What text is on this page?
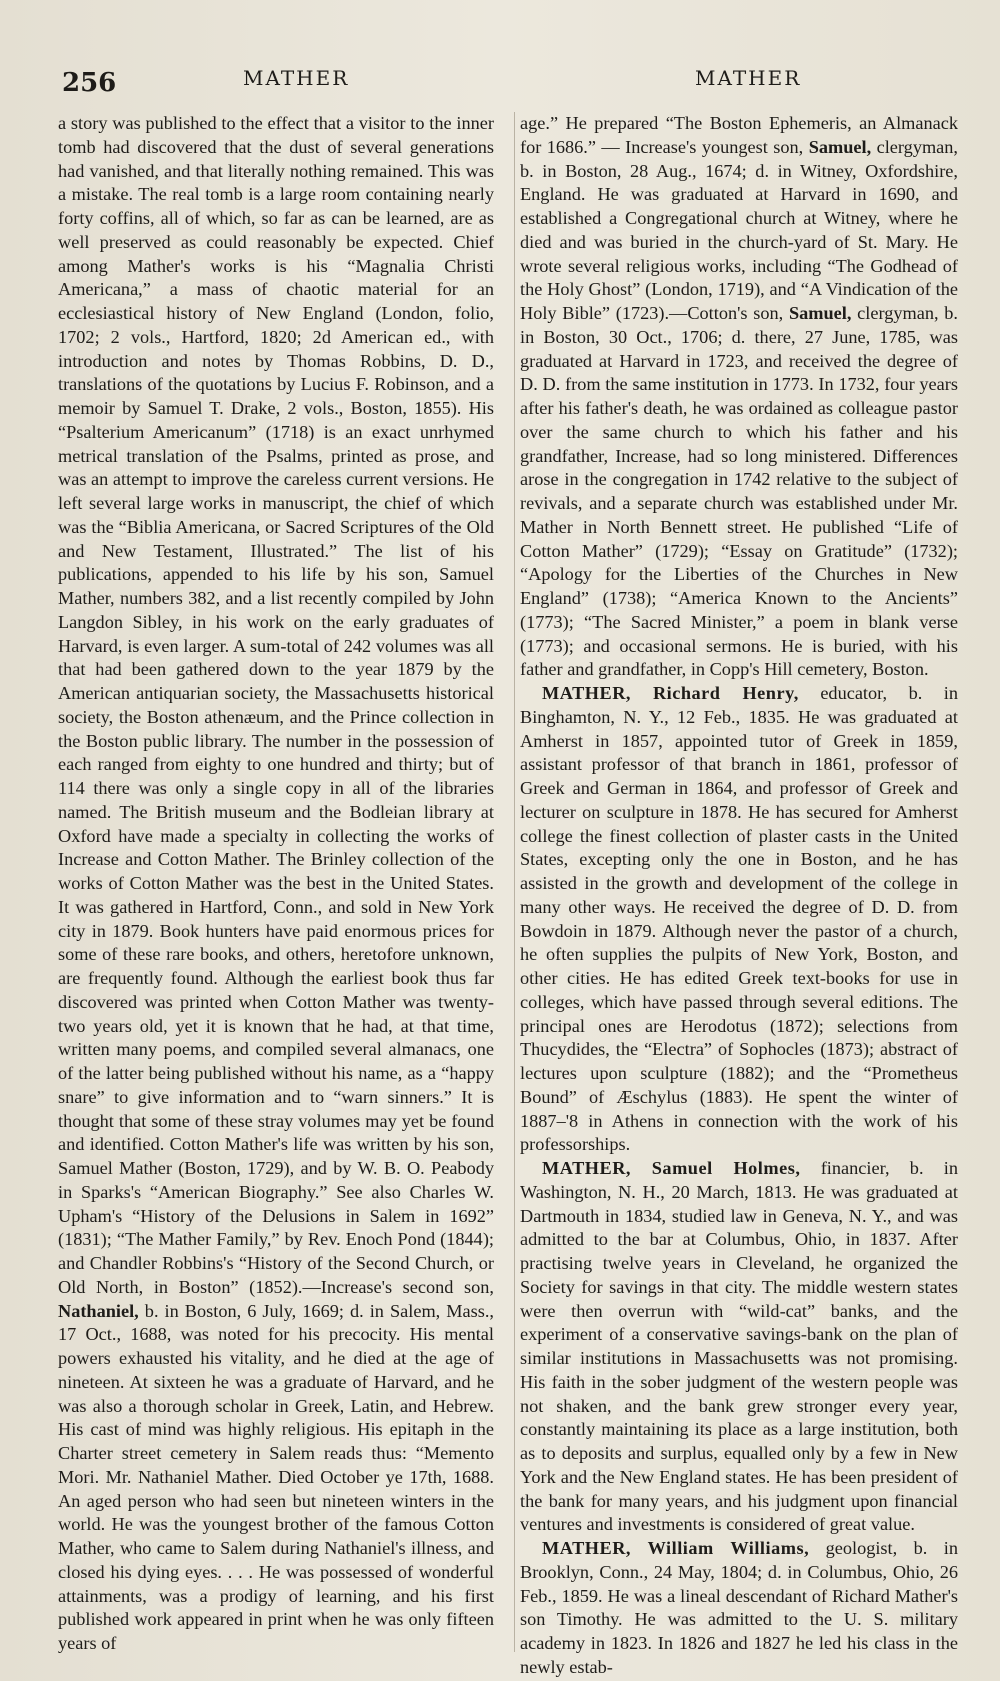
256	MATHER	MATHER

a story was published to the effect that a visitor to the inner tomb had discovered that the dust of several generations had vanished, and that literally nothing remained. This was a mistake. The real tomb is a large room containing nearly forty coffins, all of which, so far as can be learned, are as well preserved as could reasonably be expected. Chief among Mather's works is his “Magnalia Christi Americana,” a mass of chaotic material for an ecclesiastical history of New England (London, folio, 1702; 2 vols., Hartford, 1820; 2d American ed., with introduction and notes by Thomas Robbins, D. D., translations of the quotations by Lucius F. Robinson, and a memoir by Samuel T. Drake, 2 vols., Boston, 1855). His “Psalterium Americanum” (1718) is an exact unrhymed metrical translation of the Psalms, printed as prose, and was an attempt to improve the careless current versions. He left several large works in manuscript, the chief of which was the “Biblia Americana, or Sacred Scriptures of the Old and New Testament, Illustrated.” The list of his publications, appended to his life by his son, Samuel Mather, numbers 382, and a list recently compiled by John Langdon Sibley, in his work on the early graduates of Harvard, is even larger. A sum-total of 242 volumes was all that had been gathered down to the year 1879 by the American antiquarian society, the Massachusetts historical society, the Boston athenæum, and the Prince collection in the Boston public library. The number in the possession of each ranged from eighty to one hundred and thirty; but of 114 there was only a single copy in all of the libraries named. The British museum and the Bodleian library at Oxford have made a specialty in collecting the works of Increase and Cotton Mather. The Brinley collection of the works of Cotton Mather was the best in the United States. It was gathered in Hartford, Conn., and sold in New York city in 1879. Book hunters have paid enormous prices for some of these rare books, and others, heretofore unknown, are frequently found. Although the earliest book thus far discovered was printed when Cotton Mather was twenty-two years old, yet it is known that he had, at that time, written many poems, and compiled several almanacs, one of the latter being published without his name, as a “happy snare” to give information and to “warn sinners.” It is thought that some of these stray volumes may yet be found and identified. Cotton Mather's life was written by his son, Samuel Mather (Boston, 1729), and by W. B. O. Peabody in Sparks's “American Biography.” See also Charles W. Upham's “History of the Delusions in Salem in 1692” (1831); “The Mather Family,” by Rev. Enoch Pond (1844); and Chandler Robbins's “History of the Second Church, or Old North, in Boston” (1852).—Increase's second son, Nathaniel, b. in Boston, 6 July, 1669; d. in Salem, Mass., 17 Oct., 1688, was noted for his precocity. His mental powers exhausted his vitality, and he died at the age of nineteen. At sixteen he was a graduate of Harvard, and he was also a thorough scholar in Greek, Latin, and Hebrew. His cast of mind was highly religious. His epitaph in the Charter street cemetery in Salem reads thus: “Memento Mori. Mr. Nathaniel Mather. Died October ye 17th, 1688. An aged person who had seen but nineteen winters in the world. He was the youngest brother of the famous Cotton Mather, who came to Salem during Nathaniel's illness, and closed his dying eyes. . . . He was possessed of wonderful attainments, was a prodigy of learning, and his first published work appeared in print when he was only fifteen years of

age.” He prepared “The Boston Ephemeris, an Almanack for 1686.” — Increase's youngest son, Samuel, clergyman, b. in Boston, 28 Aug., 1674; d. in Witney, Oxfordshire, England. He was graduated at Harvard in 1690, and established a Congregational church at Witney, where he died and was buried in the church-yard of St. Mary. He wrote several religious works, including “The Godhead of the Holy Ghost” (London, 1719), and “A Vindication of the Holy Bible” (1723).—Cotton's son, Samuel, clergyman, b. in Boston, 30 Oct., 1706; d. there, 27 June, 1785, was graduated at Harvard in 1723, and received the degree of D. D. from the same institution in 1773. In 1732, four years after his father's death, he was ordained as colleague pastor over the same church to which his father and his grandfather, Increase, had so long ministered. Differences arose in the congregation in 1742 relative to the subject of revivals, and a separate church was established under Mr. Mather in North Bennett street. He published “Life of Cotton Mather” (1729); “Essay on Gratitude” (1732); “Apology for the Liberties of the Churches in New England” (1738); “America Known to the Ancients” (1773); “The Sacred Minister,” a poem in blank verse (1773); and occasional sermons. He is buried, with his father and grandfather, in Copp's Hill cemetery, Boston.

MATHER, Richard Henry, educator, b. in Binghamton, N. Y., 12 Feb., 1835. He was graduated at Amherst in 1857, appointed tutor of Greek in 1859, assistant professor of that branch in 1861, professor of Greek and German in 1864, and professor of Greek and lecturer on sculpture in 1878. He has secured for Amherst college the finest collection of plaster casts in the United States, excepting only the one in Boston, and he has assisted in the growth and development of the college in many other ways. He received the degree of D. D. from Bowdoin in 1879. Although never the pastor of a church, he often supplies the pulpits of New York, Boston, and other cities. He has edited Greek text-books for use in colleges, which have passed through several editions. The principal ones are Herodotus (1872); selections from Thucydides, the “Electra” of Sophocles (1873); abstract of lectures upon sculpture (1882); and the “Prometheus Bound” of Æschylus (1883). He spent the winter of 1887–'8 in Athens in connection with the work of his professorships.

MATHER, Samuel Holmes, financier, b. in Washington, N. H., 20 March, 1813. He was graduated at Dartmouth in 1834, studied law in Geneva, N. Y., and was admitted to the bar at Columbus, Ohio, in 1837. After practising twelve years in Cleveland, he organized the Society for savings in that city. The middle western states were then overrun with “wild-cat” banks, and the experiment of a conservative savings-bank on the plan of similar institutions in Massachusetts was not promising. His faith in the sober judgment of the western people was not shaken, and the bank grew stronger every year, constantly maintaining its place as a large institution, both as to deposits and surplus, equalled only by a few in New York and the New England states. He has been president of the bank for many years, and his judgment upon financial ventures and investments is considered of great value.

MATHER, William Williams, geologist, b. in Brooklyn, Conn., 24 May, 1804; d. in Columbus, Ohio, 26 Feb., 1859. He was a lineal descendant of Richard Mather's son Timothy. He was admitted to the U. S. military academy in 1823. In 1826 and 1827 he led his class in the newly estab-
